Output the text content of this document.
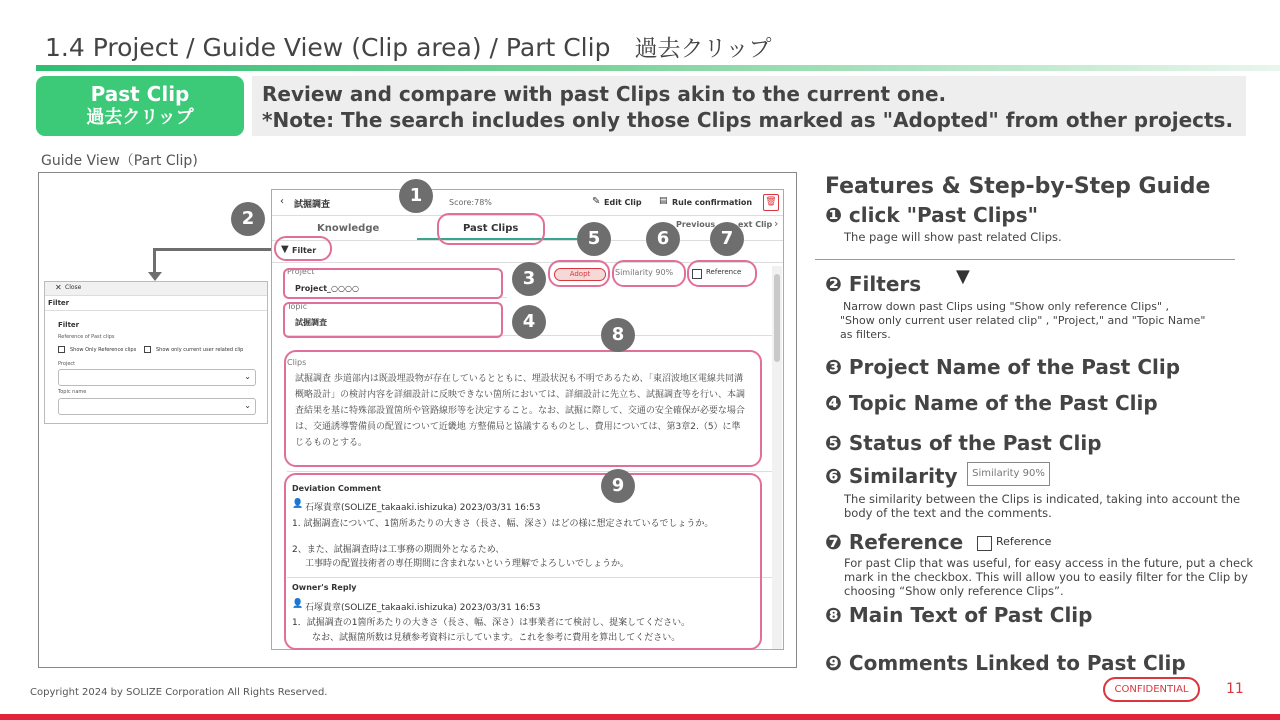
1.4 Project / Guide View (Clip area) / Part Clip 過去クリップ
Past Clip
過去クリップ
Review and compare with past Clips akin to the current one.
*Note: The search includes only those Clips marked as "Adopted" from other projects.
Guide View（Part Clip)
✕ Close
Filter
Filter
Reference of Past clips
Show Only Reference clips	Show only current user related clip
Project
⌄
Topic name
⌄
‹ 試掘調査	Score:78%	✎ Edit Clip ▤ Rule confirmation 🗑
Knowledge	Past Clips	Previous	ext Clip ›
▼ Filter
Adopt	Similarity 90%	Reference
Project
Project_○○○○
Topic
試掘調査
Clips
試掘調査 歩道部内は既設埋設物が存在しているとともに、埋設状況も不明であるため、「東沼波地区電線共同溝概略設計」の検討内容を詳細設計に反映できない箇所においては、詳細設計に先立ち、試掘調査等を行い、本調査結果を基に特殊部設置箇所や管路線形等を決定すること。なお、試掘に際して、交通の安全確保が必要な場合は、交通誘導警備員の配置について近畿地 方整備局と協議するものとし、費用については、第3章2.（5）に準じるものとする。
Deviation Comment
👤 石塚貴章(SOLIZE_takaaki.ishizuka) 2023/03/31 16:53
1. 試掘調査について、1箇所あたりの大きさ（長さ、幅、深さ）はどの様に想定されているでしょうか。
2、また、試掘調査時は工事務の期間外となるため、
工事時の配置技術者の専任期間に含まれないという理解でよろしいでしょうか。
Owner's Reply
👤 石塚貴章(SOLIZE_takaaki.ishizuka) 2023/03/31 16:53
1．試掘調査の1箇所あたりの大きさ（長さ、幅、深さ）は事業者にて検討し、提案してください。
なお、試掘箇所数は見積参考資料に示しています。これを参考に費用を算出してください。
1
2
3
4
5	6	7
8
9
Features & Step-by-Step Guide
❶ click "Past Clips"
The page will show past related Clips.
❷ Filters ▼
Narrow down past Clips using "Show only reference Clips" ,
"Show only current user related clip" , "Project," and "Topic Name"
as filters.
❸ Project Name of the Past Clip
❹ Topic Name of the Past Clip
❺ Status of the Past Clip
❻ Similarity	Similarity 90%
The similarity between the Clips is indicated, taking into account the
body of the text and the comments.
❼ Reference	Reference
For past Clip that was useful, for easy access in the future, put a check
mark in the checkbox. This will allow you to easily filter for the Clip by
choosing “Show only reference Clips”.
❽ Main Text of Past Clip
❾ Comments Linked to Past Clip
Copyright 2024 by SOLIZE Corporation All Rights Reserved.	CONFIDENTIAL	11
